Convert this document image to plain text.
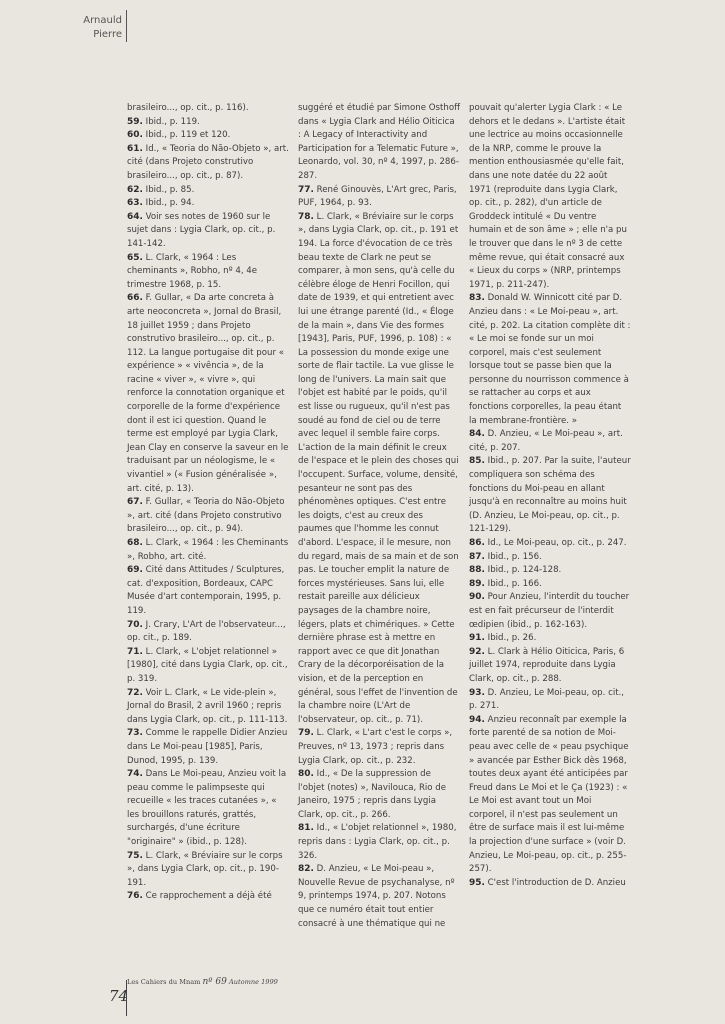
Arnauld
Pierre

brasileiro..., op. cit., p. 116).

59. Ibid., p. 119.

60. Ibid., p. 119 et 120.

61. Id., « Teoria do Não-Objeto », art. cité (dans Projeto construtivo brasileiro..., op. cit., p. 87).

62. Ibid., p. 85.

63. Ibid., p. 94.

64. Voir ses notes de 1960 sur le sujet dans : Lygia Clark, op. cit., p. 141-142.

65. L. Clark, « 1964 : Les cheminants », Robho, nº 4, 4e trimestre 1968, p. 15.

66. F. Gullar, « Da arte concreta à arte neoconcreta », Jornal do Brasil, 18 juillet 1959 ; dans Projeto construtivo brasileiro..., op. cit., p. 112. La langue portugaise dit pour « expérience » « vivência », de la racine « viver », « vivre », qui renforce la connotation organique et corporelle de la forme d'expérience dont il est ici question. Quand le terme est employé par Lygia Clark, Jean Clay en conserve la saveur en le traduisant par un néologisme, le « vivantiel » (« Fusion généralisée », art. cité, p. 13).

67. F. Gullar, « Teoria do Não-Objeto », art. cité (dans Projeto construtivo brasileiro..., op. cit., p. 94).

68. L. Clark, « 1964 : les Cheminants », Robho, art. cité.

69. Cité dans Attitudes / Sculptures, cat. d'exposition, Bordeaux, CAPC Musée d'art contemporain, 1995, p. 119.

70. J. Crary, L'Art de l'observateur..., op. cit., p. 189.

71. L. Clark, « L'objet relationnel » [1980], cité dans Lygia Clark, op. cit., p. 319.

72. Voir L. Clark, « Le vide-plein », Jornal do Brasil, 2 avril 1960 ; repris dans Lygia Clark, op. cit., p. 111-113.

73. Comme le rappelle Didier Anzieu dans Le Moi-peau [1985], Paris, Dunod, 1995, p. 139.

74. Dans Le Moi-peau, Anzieu voit la peau comme le palimpseste qui recueille « les traces cutanées », « les brouillons raturés, grattés, surchargés, d'une écriture "originaire" » (ibid., p. 128).

75. L. Clark, « Bréviaire sur le corps », dans Lygia Clark, op. cit., p. 190-191.

76. Ce rapprochement a déjà été

suggéré et étudié par Simone Osthoff dans « Lygia Clark and Hélio Oiticica : A Legacy of Interactivity and Participation for a Telematic Future », Leonardo, vol. 30, nº 4, 1997, p. 286-287.

77. René Ginouvès, L'Art grec, Paris, PUF, 1964, p. 93.

78. L. Clark, « Bréviaire sur le corps », dans Lygia Clark, op. cit., p. 191 et 194. La force d'évocation de ce très beau texte de Clark ne peut se comparer, à mon sens, qu'à celle du célèbre éloge de Henri Focillon, qui date de 1939, et qui entretient avec lui une étrange parenté (Id., « Éloge de la main », dans Vie des formes [1943], Paris, PUF, 1996, p. 108) : « La possession du monde exige une sorte de flair tactile. La vue glisse le long de l'univers. La main sait que l'objet est habité par le poids, qu'il est lisse ou rugueux, qu'il n'est pas soudé au fond de ciel ou de terre avec lequel il semble faire corps. L'action de la main définit le creux de l'espace et le plein des choses qui l'occupent. Surface, volume, densité, pesanteur ne sont pas des phénomènes optiques. C'est entre les doigts, c'est au creux des paumes que l'homme les connut d'abord. L'espace, il le mesure, non du regard, mais de sa main et de son pas. Le toucher emplit la nature de forces mystérieuses. Sans lui, elle restait pareille aux délicieux paysages de la chambre noire, légers, plats et chimériques. » Cette dernière phrase est à mettre en rapport avec ce que dit Jonathan Crary de la décorporéisation de la vision, et de la perception en général, sous l'effet de l'invention de la chambre noire (L'Art de l'observateur, op. cit., p. 71).

79. L. Clark, « L'art c'est le corps », Preuves, nº 13, 1973 ; repris dans Lygia Clark, op. cit., p. 232.

80. Id., « De la suppression de l'objet (notes) », Navilouca, Rio de Janeiro, 1975 ; repris dans Lygia Clark, op. cit., p. 266.

81. Id., « L'objet relationnel », 1980, repris dans : Lygia Clark, op. cit., p. 326.

82. D. Anzieu, « Le Moi-peau », Nouvelle Revue de psychanalyse, nº 9, printemps 1974, p. 207. Notons que ce numéro était tout entier consacré à une thématique qui ne

pouvait qu'alerter Lygia Clark : « Le dehors et le dedans ». L'artiste était une lectrice au moins occasionnelle de la NRP, comme le prouve la mention enthousiasmée qu'elle fait, dans une note datée du 22 août 1971 (reproduite dans Lygia Clark, op. cit., p. 282), d'un article de Groddeck intitulé « Du ventre humain et de son âme » ; elle n'a pu le trouver que dans le nº 3 de cette même revue, qui était consacré aux « Lieux du corps » (NRP, printemps 1971, p. 211-247).

83. Donald W. Winnicott cité par D. Anzieu dans : « Le Moi-peau », art. cité, p. 202. La citation complète dit : « Le moi se fonde sur un moi corporel, mais c'est seulement lorsque tout se passe bien que la personne du nourrisson commence à se rattacher au corps et aux fonctions corporelles, la peau étant la membrane-frontière. »

84. D. Anzieu, « Le Moi-peau », art. cité, p. 207.

85. Ibid., p. 207. Par la suite, l'auteur compliquera son schéma des fonctions du Moi-peau en allant jusqu'à en reconnaître au moins huit (D. Anzieu, Le Moi-peau, op. cit., p. 121-129).

86. Id., Le Moi-peau, op. cit., p. 247.

87. Ibid., p. 156.

88. Ibid., p. 124-128.

89. Ibid., p. 166.

90. Pour Anzieu, l'interdit du toucher est en fait précurseur de l'interdit œdipien (ibid., p. 162-163).

91. Ibid., p. 26.

92. L. Clark à Hélio Oiticica, Paris, 6 juillet 1974, reproduite dans Lygia Clark, op. cit., p. 288.

93. D. Anzieu, Le Moi-peau, op. cit., p. 271.

94. Anzieu reconnaît par exemple la forte parenté de sa notion de Moi-peau avec celle de « peau psychique » avancée par Esther Bick dès 1968, toutes deux ayant été anticipées par Freud dans Le Moi et le Ça (1923) : « Le Moi est avant tout un Moi corporel, il n'est pas seulement un être de surface mais il est lui-même la projection d'une surface » (voir D. Anzieu, Le Moi-peau, op. cit., p. 255-257).

95. C'est l'introduction de D. Anzieu

Les Cahiers du Mnam nº 69 Automne 1999
74
